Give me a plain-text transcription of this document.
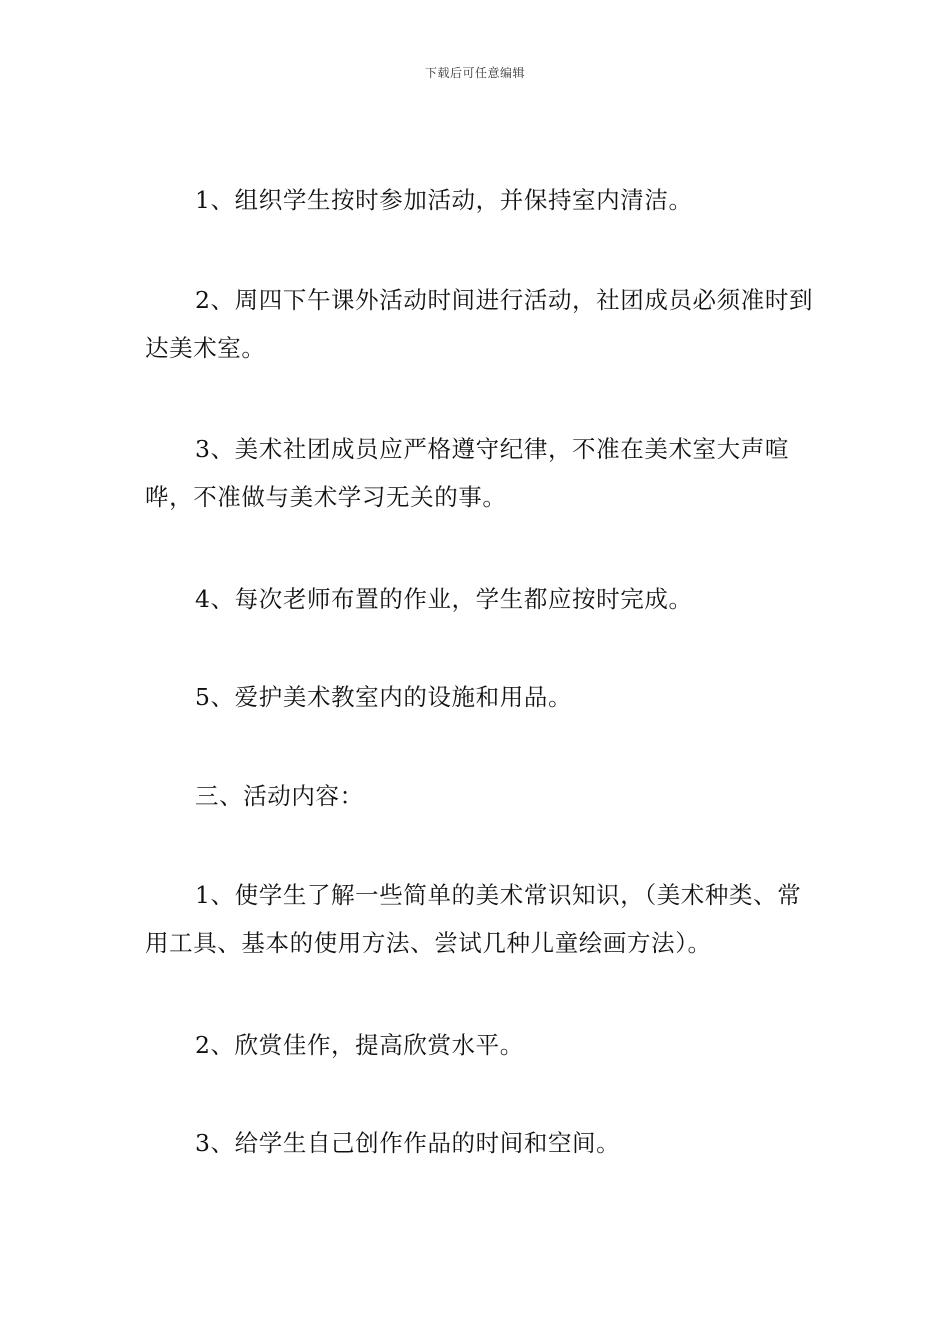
下载后可任意编辑

1、组织学生按时参加活动，并保持室内清洁。

2、周四下午课外活动时间进行活动，社团成员必须准时到达美术室。

3、美术社团成员应严格遵守纪律，不准在美术室大声喧哗，不准做与美术学习无关的事。

4、每次老师布置的作业，学生都应按时完成。

5、爱护美术教室内的设施和用品。

三、活动内容：

1、使学生了解一些简单的美术常识知识，（美术种类、常用工具、基本的使用方法、尝试几种儿童绘画方法）。

2、欣赏佳作，提高欣赏水平。

3、给学生自己创作作品的时间和空间。
